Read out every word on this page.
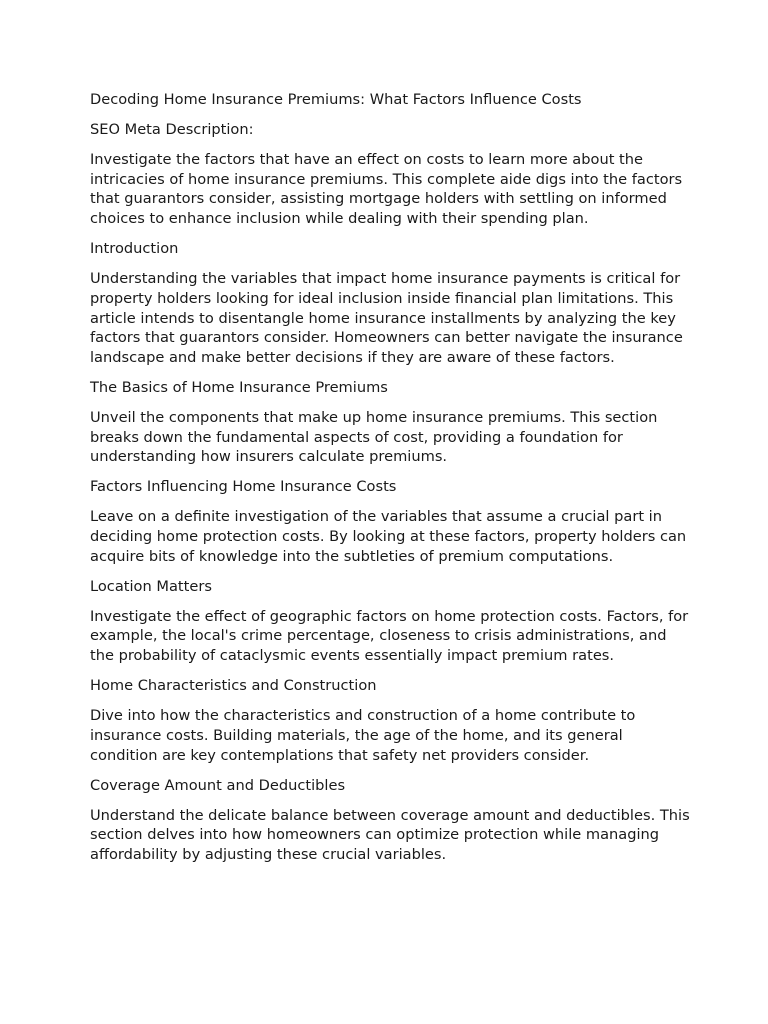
Decoding Home Insurance Premiums: What Factors Influence Costs

SEO Meta Description:

Investigate the factors that have an effect on costs to learn more about the intricacies of home insurance premiums. This complete aide digs into the factors that guarantors consider, assisting mortgage holders with settling on informed choices to enhance inclusion while dealing with their spending plan.

Introduction

Understanding the variables that impact home insurance payments is critical for property holders looking for ideal inclusion inside financial plan limitations. This article intends to disentangle home insurance installments by analyzing the key factors that guarantors consider. Homeowners can better navigate the insurance landscape and make better decisions if they are aware of these factors.

The Basics of Home Insurance Premiums

Unveil the components that make up home insurance premiums. This section breaks down the fundamental aspects of cost, providing a foundation for understanding how insurers calculate premiums.

Factors Influencing Home Insurance Costs

Leave on a definite investigation of the variables that assume a crucial part in deciding home protection costs. By looking at these factors, property holders can acquire bits of knowledge into the subtleties of premium computations.

Location Matters

Investigate the effect of geographic factors on home protection costs. Factors, for example, the local's crime percentage, closeness to crisis administrations, and the probability of cataclysmic events essentially impact premium rates.

Home Characteristics and Construction

Dive into how the characteristics and construction of a home contribute to insurance costs. Building materials, the age of the home, and its general condition are key contemplations that safety net providers consider.

Coverage Amount and Deductibles

Understand the delicate balance between coverage amount and deductibles. This section delves into how homeowners can optimize protection while managing affordability by adjusting these crucial variables.
